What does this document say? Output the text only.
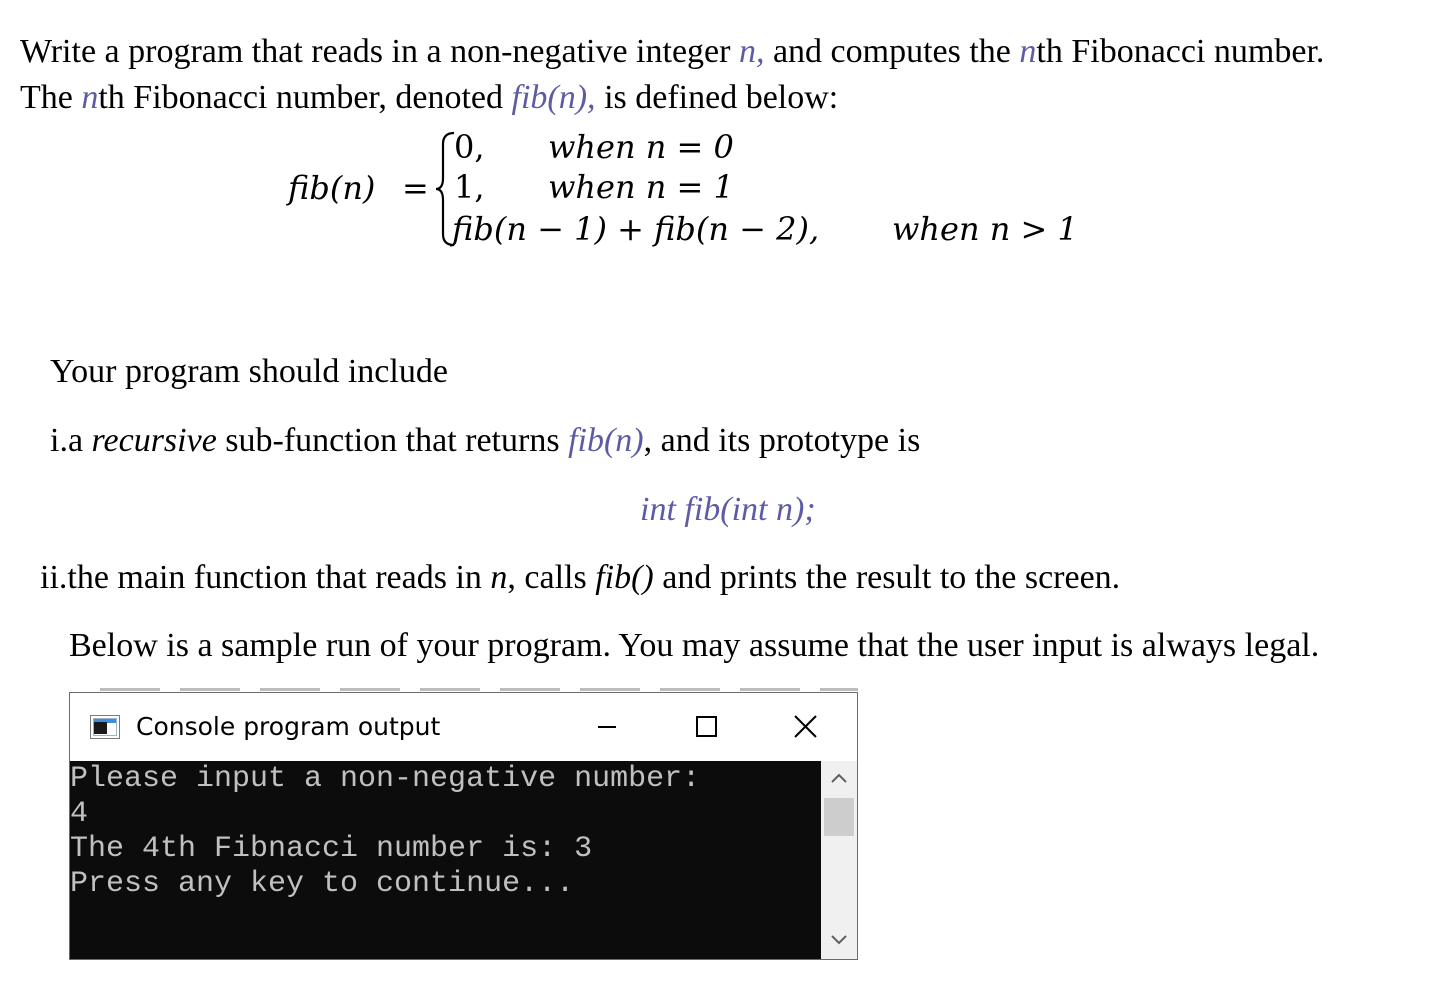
Write a program that reads in a non-negative integer n, and computes the nth Fibonacci number.
The nth Fibonacci number, denoted fib(n), is defined below:
fib(n) =
0, when n = 0
1, when n = 1
fib(n − 1) + fib(n − 2), when n > 1
Your program should include
i.a recursive sub-function that returns fib(n), and its prototype is
int fib(int n);
ii.the main function that reads in n, calls fib() and prints the result to the screen.
Below is a sample run of your program. You may assume that the user input is always legal.
Console program output
Please input a non-negative number:
4
The 4th Fibnacci number is: 3
Press any key to continue...
